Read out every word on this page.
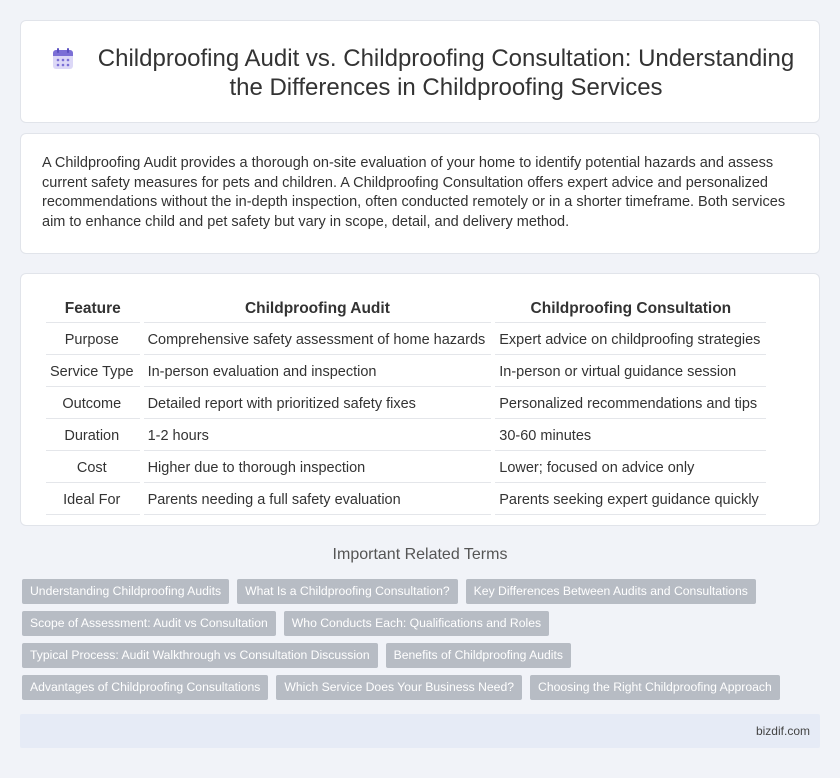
Childproofing Audit vs. Childproofing Consultation: Understanding the Differences in Childproofing Services

A Childproofing Audit provides a thorough on-site evaluation of your home to identify potential hazards and assess current safety measures for pets and children. A Childproofing Consultation offers expert advice and personalized recommendations without the in-depth inspection, often conducted remotely or in a shorter timeframe. Both services aim to enhance child and pet safety but vary in scope, detail, and delivery method.

Feature	Childproofing Audit	Childproofing Consultation
Purpose	Comprehensive safety assessment of home hazards	Expert advice on childproofing strategies
Service Type	In-person evaluation and inspection	In-person or virtual guidance session
Outcome	Detailed report with prioritized safety fixes	Personalized recommendations and tips
Duration	1-2 hours	30-60 minutes
Cost	Higher due to thorough inspection	Lower; focused on advice only
Ideal For	Parents needing a full safety evaluation	Parents seeking expert guidance quickly
Important Related Terms
Understanding Childproofing Audits	What Is a Childproofing Consultation?	Key Differences Between Audits and Consultations
Scope of Assessment: Audit vs Consultation	Who Conducts Each: Qualifications and Roles
Typical Process: Audit Walkthrough vs Consultation Discussion	Benefits of Childproofing Audits
Advantages of Childproofing Consultations	Which Service Does Your Business Need?	Choosing the Right Childproofing Approach
bizdif.com
